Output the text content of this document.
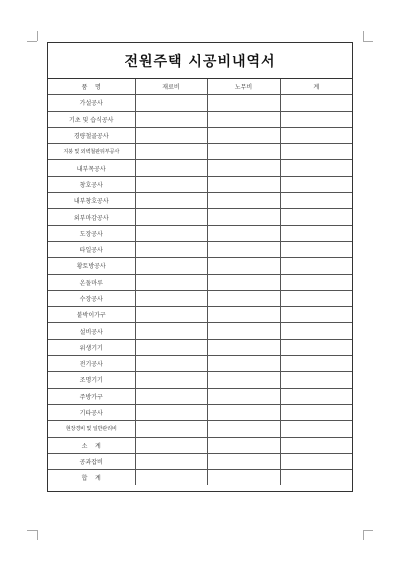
전원주택 시공비내역서
품    명	재료비	노무비	계
가설공사			
기초 및 습식공사			
경량철골공사			
지붕 및 외벽철판뒤부공사			
내부목공사			
창호공사			
내부창호공사			
외부마감공사			
도장공사			
타일공사			
황토방공사			
온돌마루			
수장공사			
붙박이가구			
설비공사			
위생기기			
전기공사			
조명기기			
주방가구			
기타공사			
현장경비 및 일반관리비			
소    계			
공과잡비			
합    계			
